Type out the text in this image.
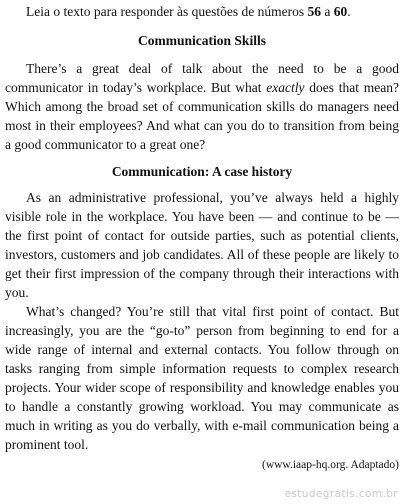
Leia o texto para responder às questões de números 56 a 60.

Communication Skills

There’s a great deal of talk about the need to be a good communicator in today’s workplace. But what exactly does that mean? Which among the broad set of communication skills do managers need most in their employees? And what can you do to transition from being a good communicator to a great one?

Communication: A case history

As an administrative professional, you’ve always held a highly visible role in the workplace. You have been — and continue to be — the first point of contact for outside parties, such as potential clients, investors, customers and job candidates. All of these people are likely to get their first impression of the company through their interactions with you.

What’s changed? You’re still that vital first point of contact. But increasingly, you are the “go-to” person from beginning to end for a wide range of internal and external contacts. You follow through on tasks ranging from simple information requests to complex research projects. Your wider scope of responsibility and knowledge enables you to handle a constantly growing workload. You may communicate as much in writing as you do verbally, with e-mail communication being a prominent tool.

(www.iaap-hq.org. Adaptado)

estudegratis.com.br
